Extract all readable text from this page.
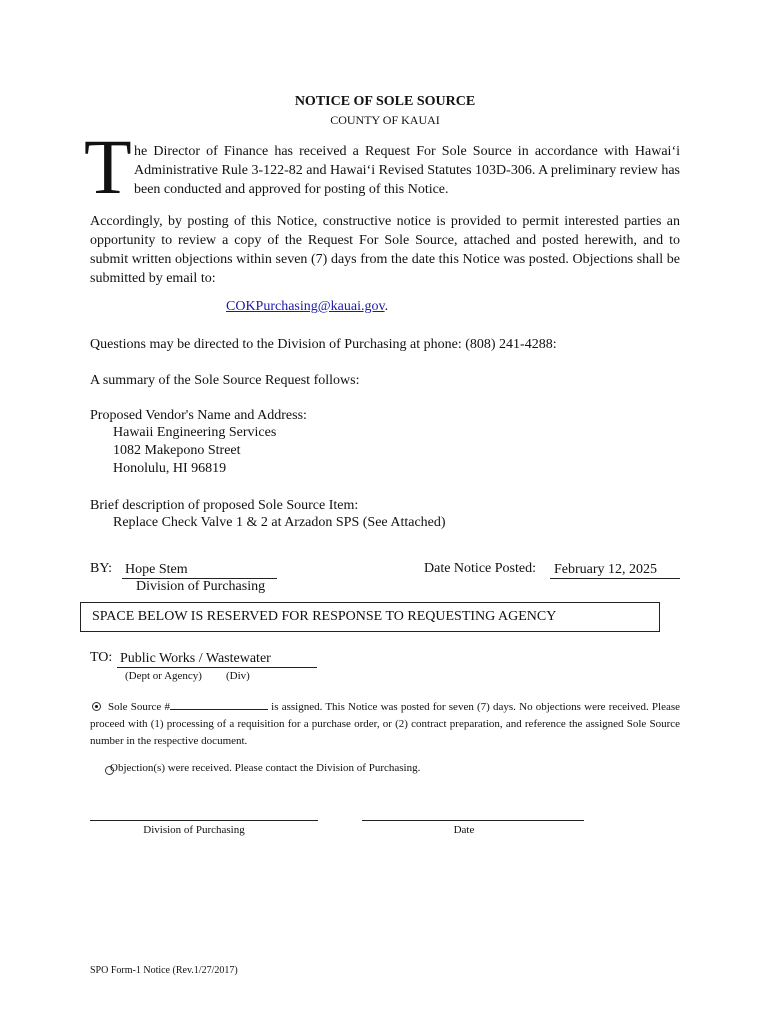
NOTICE OF SOLE SOURCE
COUNTY OF KAUAI
T he Director of Finance has received a Request For Sole Source in accordance with Hawai‘i Administrative Rule 3-122-82 and Hawai‘i Revised Statutes 103D-306. A preliminary review has been conducted and approved for posting of this Notice.
Accordingly, by posting of this Notice, constructive notice is provided to permit interested parties an opportunity to review a copy of the Request For Sole Source, attached and posted herewith, and to submit written objections within seven (7) days from the date this Notice was posted. Objections shall be submitted by email to:
COKPurchasing@kauai.gov.
Questions may be directed to the Division of Purchasing at phone: (808) 241-4288:
A summary of the Sole Source Request follows:
Proposed Vendor's Name and Address:
Hawaii Engineering Services
1082 Makepono Street
Honolulu, HI 96819
Brief description of proposed Sole Source Item:
Replace Check Valve 1 & 2 at Arzadon SPS (See Attached)
BY: Hope Stem
Division of Purchasing
Date Notice Posted: February 12, 2025
SPACE BELOW IS RESERVED FOR RESPONSE TO REQUESTING AGENCY
TO: Public Works / Wastewater
(Dept or Agency) (Div)

Sole Source #	is assigned. This Notice was posted for seven (7) days. No objections were received. Please proceed with (1) processing of a requisition for a purchase order, or (2) contract preparation, and reference the assigned Sole Source number in the respective document.
Objection(s) were received. Please contact the Division of Purchasing.
Division of Purchasing	Date
SPO Form-1 Notice (Rev.1/27/2017)
